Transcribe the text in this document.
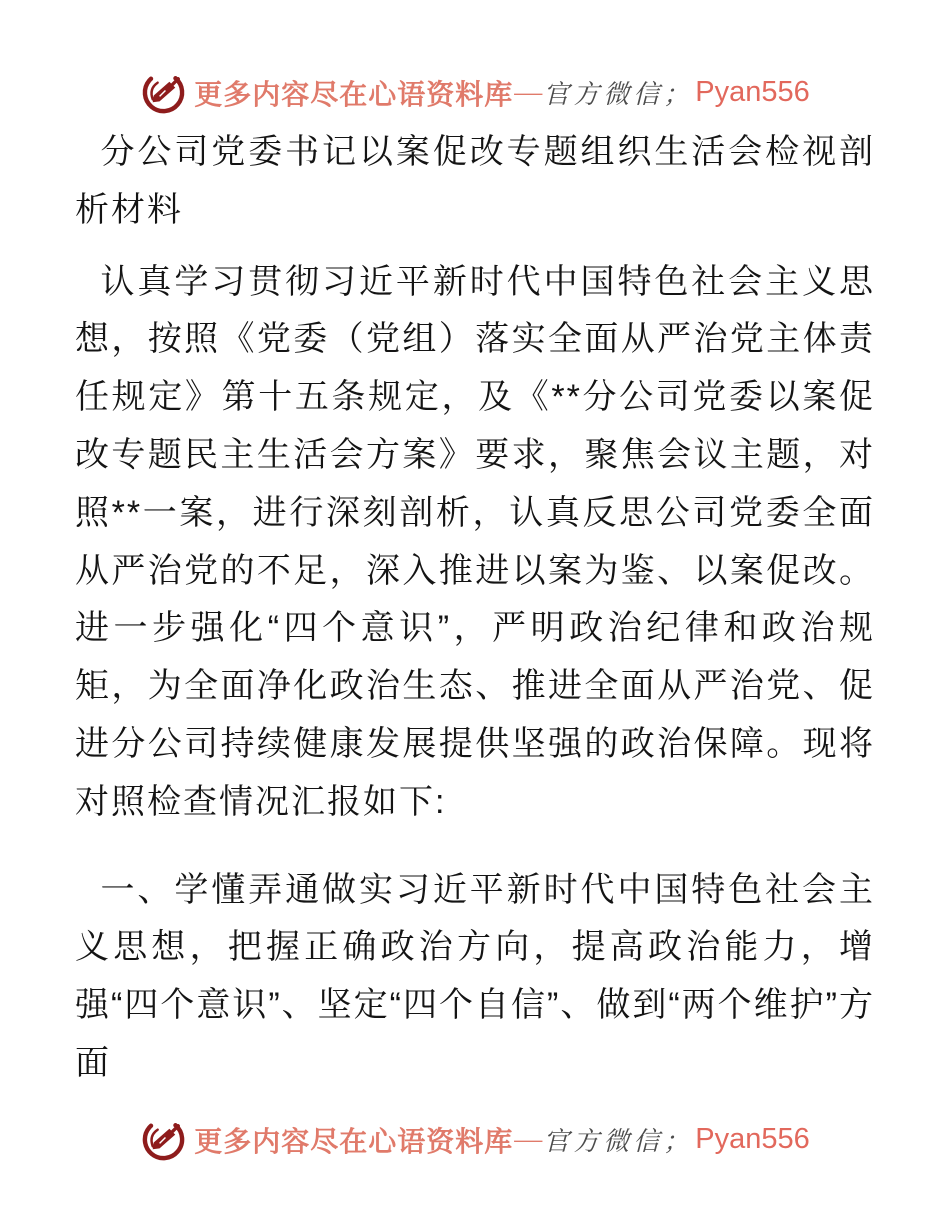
更多内容尽在心语资料库 — 官方微信； Pyan556
分公司党委书记以案促改专题组织生活会检视剖析材料

认真学习贯彻习近平新时代中国特色社会主义思想，按照《党委（党组）落实全面从严治党主体责任规定》第十五条规定，及《**分公司党委以案促改专题民主生活会方案》要求，聚焦会议主题，对照**一案，进行深刻剖析，认真反思公司党委全面从严治党的不足，深入推进以案为鉴、以案促改。进一步强化“四个意识”，严明政治纪律和政治规矩，为全面净化政治生态、推进全面从严治党、促进分公司持续健康发展提供坚强的政治保障。现将对照检查情况汇报如下:

一、学懂弄通做实习近平新时代中国特色社会主义思想，把握正确政治方向，提高政治能力，增强“四个意识”、坚定“四个自信”、做到“两个维护”方面

更多内容尽在心语资料库 — 官方微信； Pyan556
